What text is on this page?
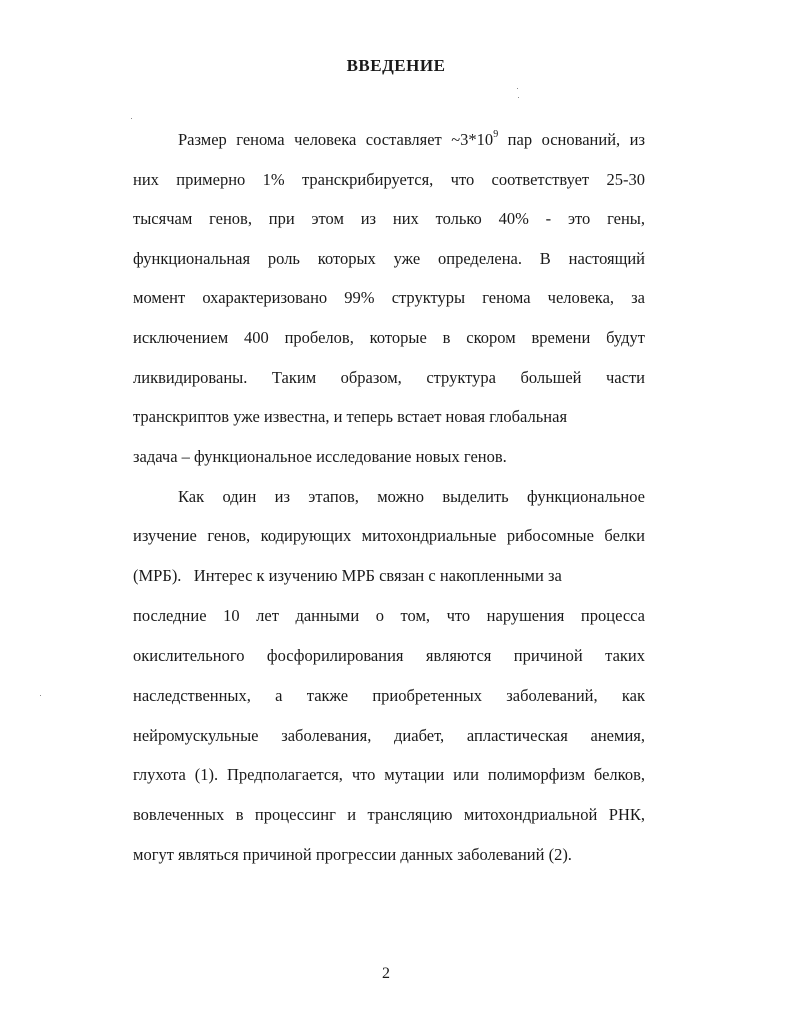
ВВЕДЕНИЕ
Размер генома человека составляет $\sim 3*10^9$ пар оснований, из
них примерно 1% транскрибируется, что соответствует 25-30
тысячам генов, при этом из них только 40% - это гены,
функциональная роль которых уже определена. В настоящий
момент охарактеризовано 99% структуры генома человека, за
исключением 400 пробелов, которые в скором времени будут
ликвидированы. Таким образом, структура большей части
транскриптов уже известна, и теперь встает новая глобальная
задача – функциональное исследование новых генов.
Как один из этапов, можно выделить функциональное
изучение генов, кодирующих митохондриальные рибосомные белки
(МРБ).   Интерес к изучению МРБ связан с накопленными за
последние 10 лет данными о том, что нарушения процесса
окислительного фосфорилирования являются причиной таких
наследственных, а также приобретенных заболеваний, как
нейромускульные заболевания, диабет, апластическая анемия,
глухота (1). Предполагается, что мутации или полиморфизм белков,
вовлеченных в процессинг и трансляцию митохондриальной РНК,
могут являться причиной прогрессии данных заболеваний (2).
2
